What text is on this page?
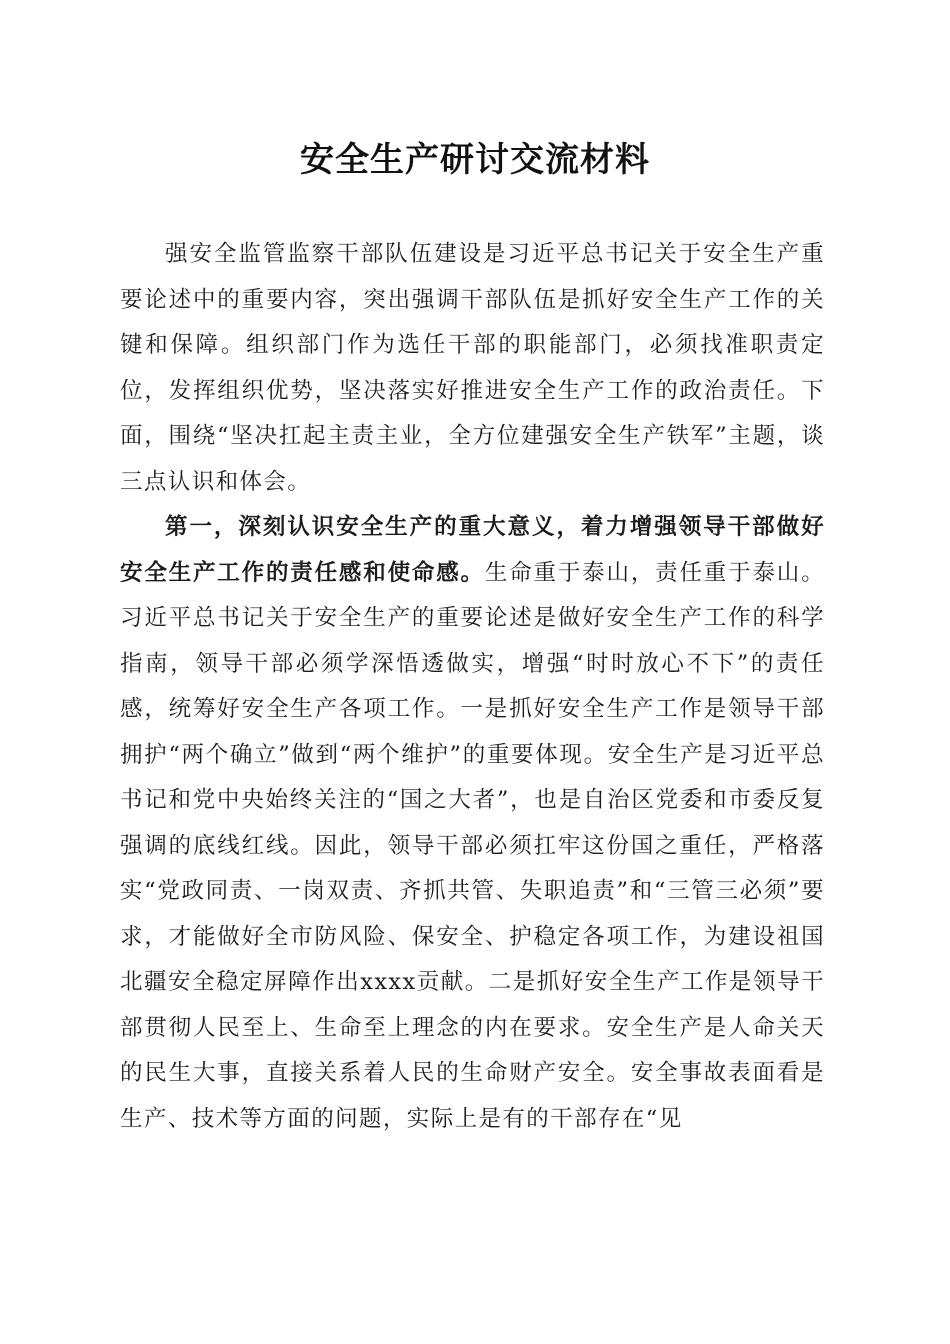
安全生产研讨交流材料

强安全监管监察干部队伍建设是习近平总书记关于安全生产重要论述中的重要内容，突出强调干部队伍是抓好安全生产工作的关键和保障。组织部门作为选任干部的职能部门，必须找准职责定位，发挥组织优势，坚决落实好推进安全生产工作的政治责任。下面，围绕“坚决扛起主责主业，全方位建强安全生产铁军”主题，谈三点认识和体会。

第一，深刻认识安全生产的重大意义，着力增强领导干部做好安全生产工作的责任感和使命感。生命重于泰山，责任重于泰山。习近平总书记关于安全生产的重要论述是做好安全生产工作的科学指南，领导干部必须学深悟透做实，增强“时时放心不下”的责任感，统筹好安全生产各项工作。一是抓好安全生产工作是领导干部拥护“两个确立”做到“两个维护”的重要体现。安全生产是习近平总书记和党中央始终关注的“国之大者”，也是自治区党委和市委反复强调的底线红线。因此，领导干部必须扛牢这份国之重任，严格落实“党政同责、一岗双责、齐抓共管、失职追责”和“三管三必须”要求，才能做好全市防风险、保安全、护稳定各项工作，为建设祖国北疆安全稳定屏障作出xxxx贡献。二是抓好安全生产工作是领导干部贯彻人民至上、生命至上理念的内在要求。安全生产是人命关天的民生大事，直接关系着人民的生命财产安全。安全事故表面看是生产、技术等方面的问题，实际上是有的干部存在“见
